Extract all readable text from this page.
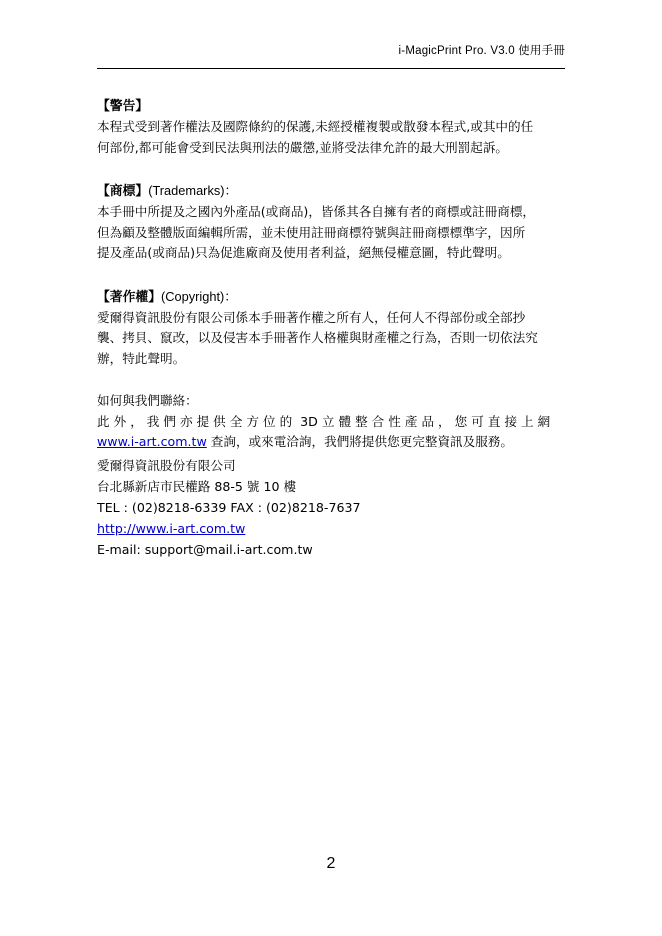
i-MagicPrint Pro. V3.0 使用手冊
【警告】
本程式受到著作權法及國際條約的保護,未經授權複製或散發本程式,或其中的任
何部份,都可能會受到民法與刑法的嚴懲,並將受法律允許的最大刑罰起訴。
【商標】(Trademarks)：
本手冊中所提及之國內外產品(或商品)，皆係其各自擁有者的商標或註冊商標，
但為顧及整體版面編輯所需，並未使用註冊商標符號與註冊商標標準字，因所
提及產品(或商品)只為促進廠商及使用者利益，絕無侵權意圖，特此聲明。
【著作權】(Copyright)：
愛爾得資訊股份有限公司係本手冊著作權之所有人，任何人不得部份或全部抄
襲、拷貝、竄改，以及侵害本手冊著作人格權與財產權之行為，否則一切依法究
辦，特此聲明。
如何與我們聯絡：
此 外 ， 我 們 亦 提 供 全 方 位 的  3D 立 體 整 合 性 產 品 ， 您 可 直 接 上 網
www.i-art.com.tw 查詢，或來電洽詢，我們將提供您更完整資訊及服務。
愛爾得資訊股份有限公司
台北縣新店市民權路 88-5 號 10 樓
TEL : (02)8218-6339 FAX : (02)8218-7637
http://www.i-art.com.tw
E-mail: support@mail.i-art.com.tw
2
